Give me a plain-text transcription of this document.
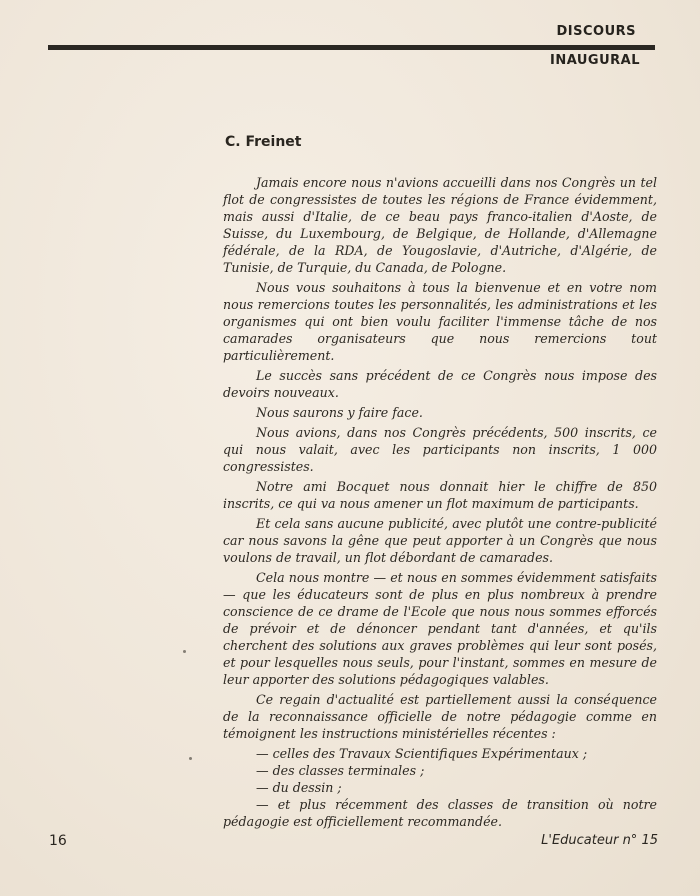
DISCOURS
INAUGURAL
C. Freinet

Jamais encore nous n'avions accueilli dans nos Congrès un tel flot de congressistes de toutes les régions de France évidemment, mais aussi d'Italie, de ce beau pays franco-italien d'Aoste, de Suisse, du Luxembourg, de Belgique, de Hollande, d'Allemagne fédérale, de la RDA, de Yougoslavie, d'Autriche, d'Algérie, de Tunisie, de Turquie, du Canada, de Pologne.

Nous vous souhaitons à tous la bienvenue et en votre nom nous remercions toutes les personnalités, les administrations et les organismes qui ont bien voulu faciliter l'immense tâche de nos camarades organisateurs que nous remercions tout particulièrement.

Le succès sans précédent de ce Congrès nous impose des devoirs nouveaux.

Nous saurons y faire face.

Nous avions, dans nos Congrès précédents, 500 inscrits, ce qui nous valait, avec les participants non inscrits, 1 000 congressistes.

Notre ami Bocquet nous donnait hier le chiffre de 850 inscrits, ce qui va nous amener un flot maximum de participants.

Et cela sans aucune publicité, avec plutôt une contre-publicité car nous savons la gêne que peut apporter à un Congrès que nous voulons de travail, un flot débordant de camarades.

Cela nous montre — et nous en sommes évidemment satisfaits — que les éducateurs sont de plus en plus nombreux à prendre conscience de ce drame de l'Ecole que nous nous sommes efforcés de prévoir et de dénoncer pendant tant d'années, et qu'ils cherchent des solutions aux graves problèmes qui leur sont posés, et pour lesquelles nous seuls, pour l'instant, sommes en mesure de leur apporter des solutions pédagogiques valables.

Ce regain d'actualité est partiellement aussi la conséquence de la reconnaissance officielle de notre pédagogie comme en témoignent les instructions ministérielles récentes :

— celles des Travaux Scientifiques Expérimentaux ;
— des classes terminales ;
— du dessin ;
— et plus récemment des classes de transition où notre pédagogie est officiellement recommandée.
16	L'Educateur n° 15
